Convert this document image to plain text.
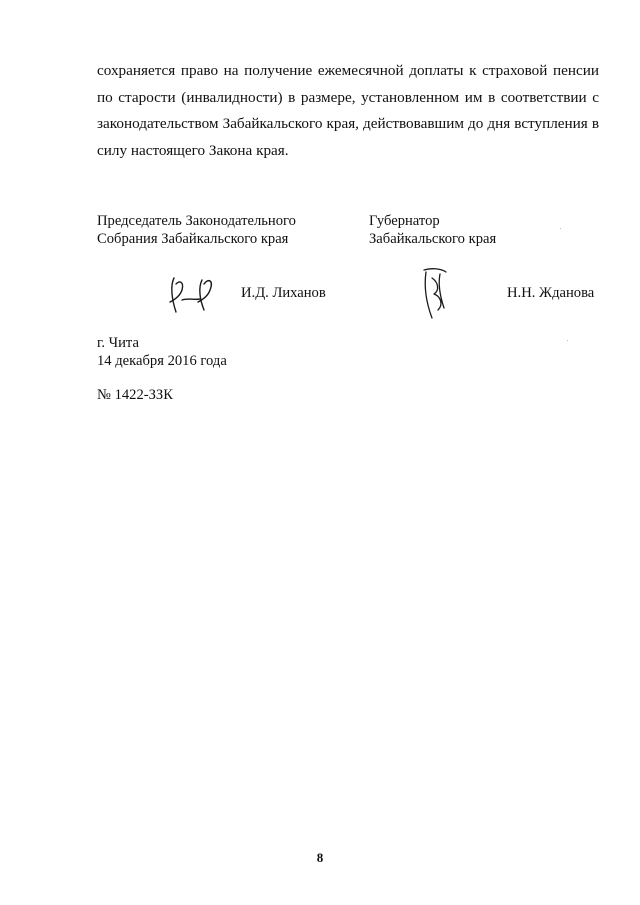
сохраняется право на получение ежемесячной доплаты к страховой пенсии
по старости (инвалидности) в размере, установленном им в соответствии с
законодательством Забайкальского края, действовавшим до дня вступления в
силу настоящего Закона края.
Председатель Законодательного
Собрания Забайкальского края
Губернатор
Забайкальского края
И.Д. Лиханов	Н.Н. Жданова
г. Чита
14 декабря 2016 года
№ 1422-ЗЗК
8
